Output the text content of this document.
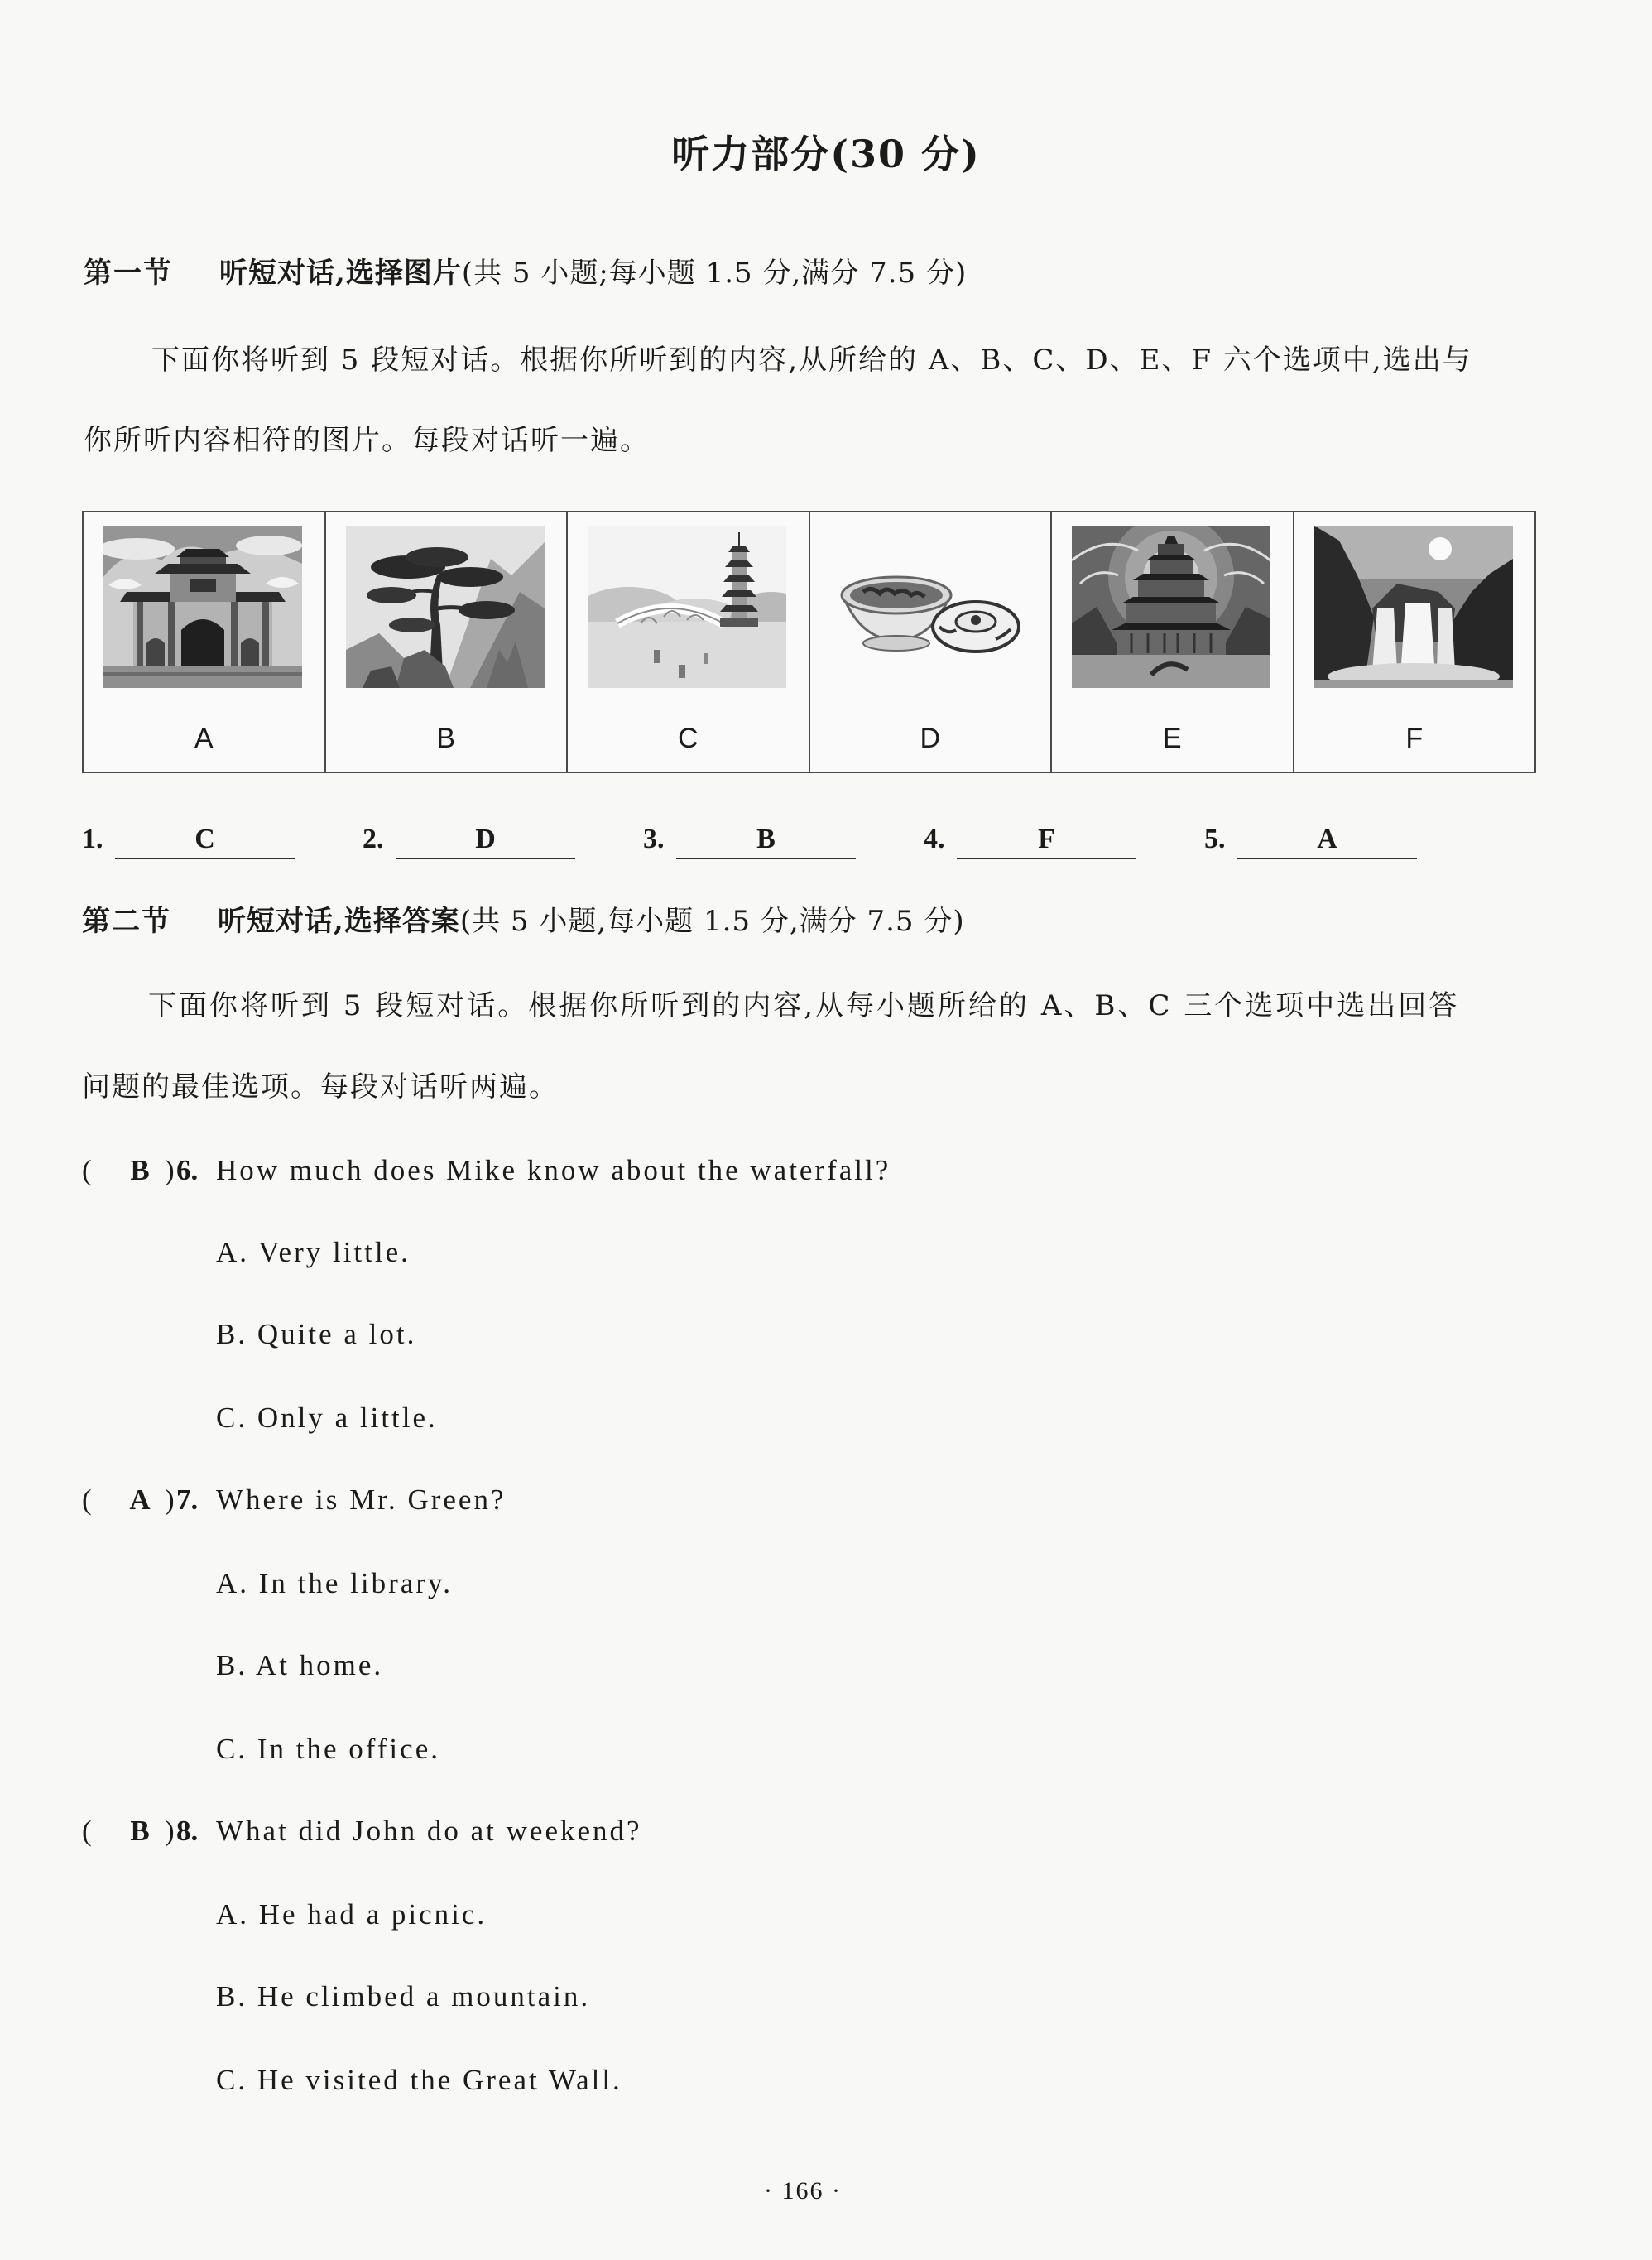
听力部分(30 分)
第一节	听短对话,选择图片 (共 5 小题;每小题 1.5 分,满分 7.5 分)
下面你将听到 5 段短对话。根据你所听到的内容,从所给的 A、B、C、D、E、F 六个选项中,选出与
你所听内容相符的图片。每段对话听一遍。
A	B	C	D	E	F
1.	C	2.	D	3.	B	4.	F	5.	A
第二节	听短对话,选择答案 (共 5 小题,每小题 1.5 分,满分 7.5 分)
下面你将听到 5 段短对话。根据你所听到的内容,从每小题所给的 A、B、C 三个选项中选出回答
问题的最佳选项。每段对话听两遍。
(	B ) 6. How much does Mike know about the waterfall?
A. Very little.
B. Quite a lot.
C. Only a little.
(	A ) 7. Where is Mr. Green?
A. In the library.
B. At home.
C. In the office.
(	B ) 8. What did John do at weekend?
A. He had a picnic.
B. He climbed a mountain.
C. He visited the Great Wall.
· 166 ·
